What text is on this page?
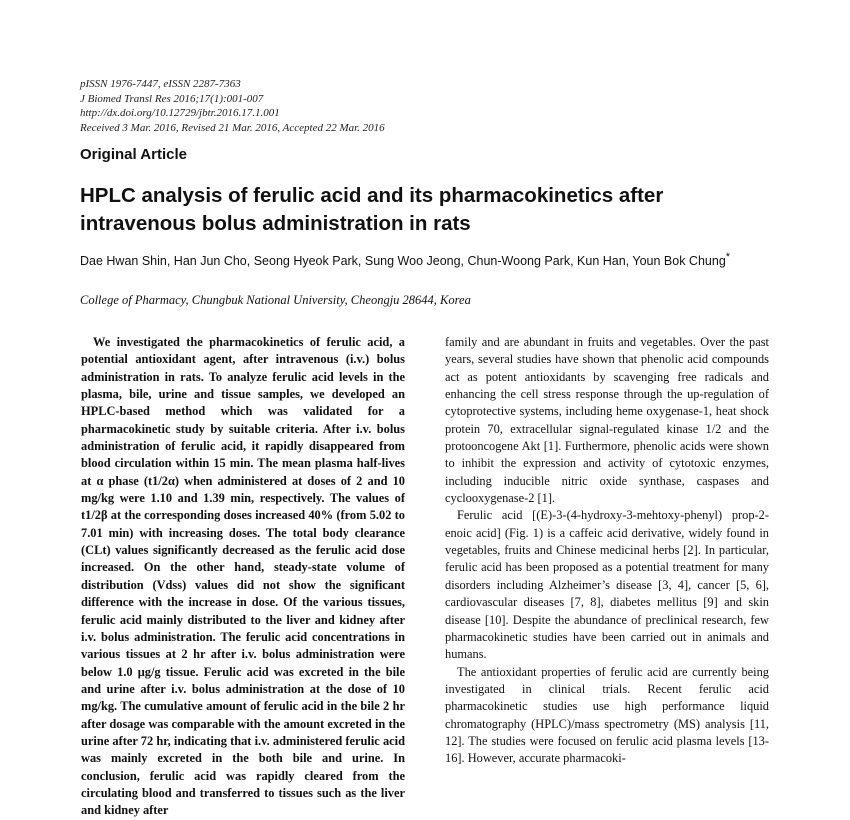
pISSN 1976-7447, eISSN 2287-7363
J Biomed Transl Res 2016;17(1):001-007
http://dx.doi.org/10.12729/jbtr.2016.17.1.001
Received 3 Mar. 2016, Revised 21 Mar. 2016, Accepted 22 Mar. 2016
Original Article
HPLC analysis of ferulic acid and its pharmacokinetics after intravenous bolus administration in rats
Dae Hwan Shin, Han Jun Cho, Seong Hyeok Park, Sung Woo Jeong, Chun-Woong Park, Kun Han, Youn Bok Chung*
College of Pharmacy, Chungbuk National University, Cheongju 28644, Korea

We investigated the pharmacokinetics of ferulic acid, a potential antioxidant agent, after intravenous (i.v.) bolus administration in rats. To analyze ferulic acid levels in the plasma, bile, urine and tissue samples, we developed an HPLC-based method which was validated for a pharmacokinetic study by suitable criteria. After i.v. bolus administration of ferulic acid, it rapidly disappeared from blood circulation within 15 min. The mean plasma half-lives at α phase (t1/2α) when administered at doses of 2 and 10 mg/kg were 1.10 and 1.39 min, respectively. The values of t1/2β at the corresponding doses increased 40% (from 5.02 to 7.01 min) with increasing doses. The total body clearance (CLt) values significantly decreased as the ferulic acid dose increased. On the other hand, steady-state volume of distribution (Vdss) values did not show the significant difference with the increase in dose. Of the various tissues, ferulic acid mainly distributed to the liver and kidney after i.v. bolus administration. The ferulic acid concentrations in various tissues at 2 hr after i.v. bolus administration were below 1.0 μg/g tissue. Ferulic acid was excreted in the bile and urine after i.v. bolus administration at the dose of 10 mg/kg. The cumulative amount of ferulic acid in the bile 2 hr after dosage was comparable with the amount excreted in the urine after 72 hr, indicating that i.v. administered ferulic acid was mainly excreted in the both bile and urine. In conclusion, ferulic acid was rapidly cleared from the circulating blood and transferred to tissues such as the liver and kidney after

family and are abundant in fruits and vegetables. Over the past years, several studies have shown that phenolic acid compounds act as potent antioxidants by scavenging free radicals and enhancing the cell stress response through the up-regulation of cytoprotective systems, including heme oxygenase-1, heat shock protein 70, extracellular signal-regulated kinase 1/2 and the protooncogene Akt [1]. Furthermore, phenolic acids were shown to inhibit the expression and activity of cytotoxic enzymes, including inducible nitric oxide synthase, caspases and cyclooxygenase-2 [1].

Ferulic acid [(E)-3-(4-hydroxy-3-mehtoxy-phenyl) prop-2-enoic acid] (Fig. 1) is a caffeic acid derivative, widely found in vegetables, fruits and Chinese medicinal herbs [2]. In particular, ferulic acid has been proposed as a potential treatment for many disorders including Alzheimer’s disease [3, 4], cancer [5, 6], cardiovascular diseases [7, 8], diabetes mellitus [9] and skin disease [10]. Despite the abundance of preclinical research, few pharmacokinetic studies have been carried out in animals and humans.

The antioxidant properties of ferulic acid are currently being investigated in clinical trials. Recent ferulic acid pharmacokinetic studies use high performance liquid chromatography (HPLC)/mass spectrometry (MS) analysis [11, 12]. The studies were focused on ferulic acid plasma levels [13-16]. However, accurate pharmacoki-
